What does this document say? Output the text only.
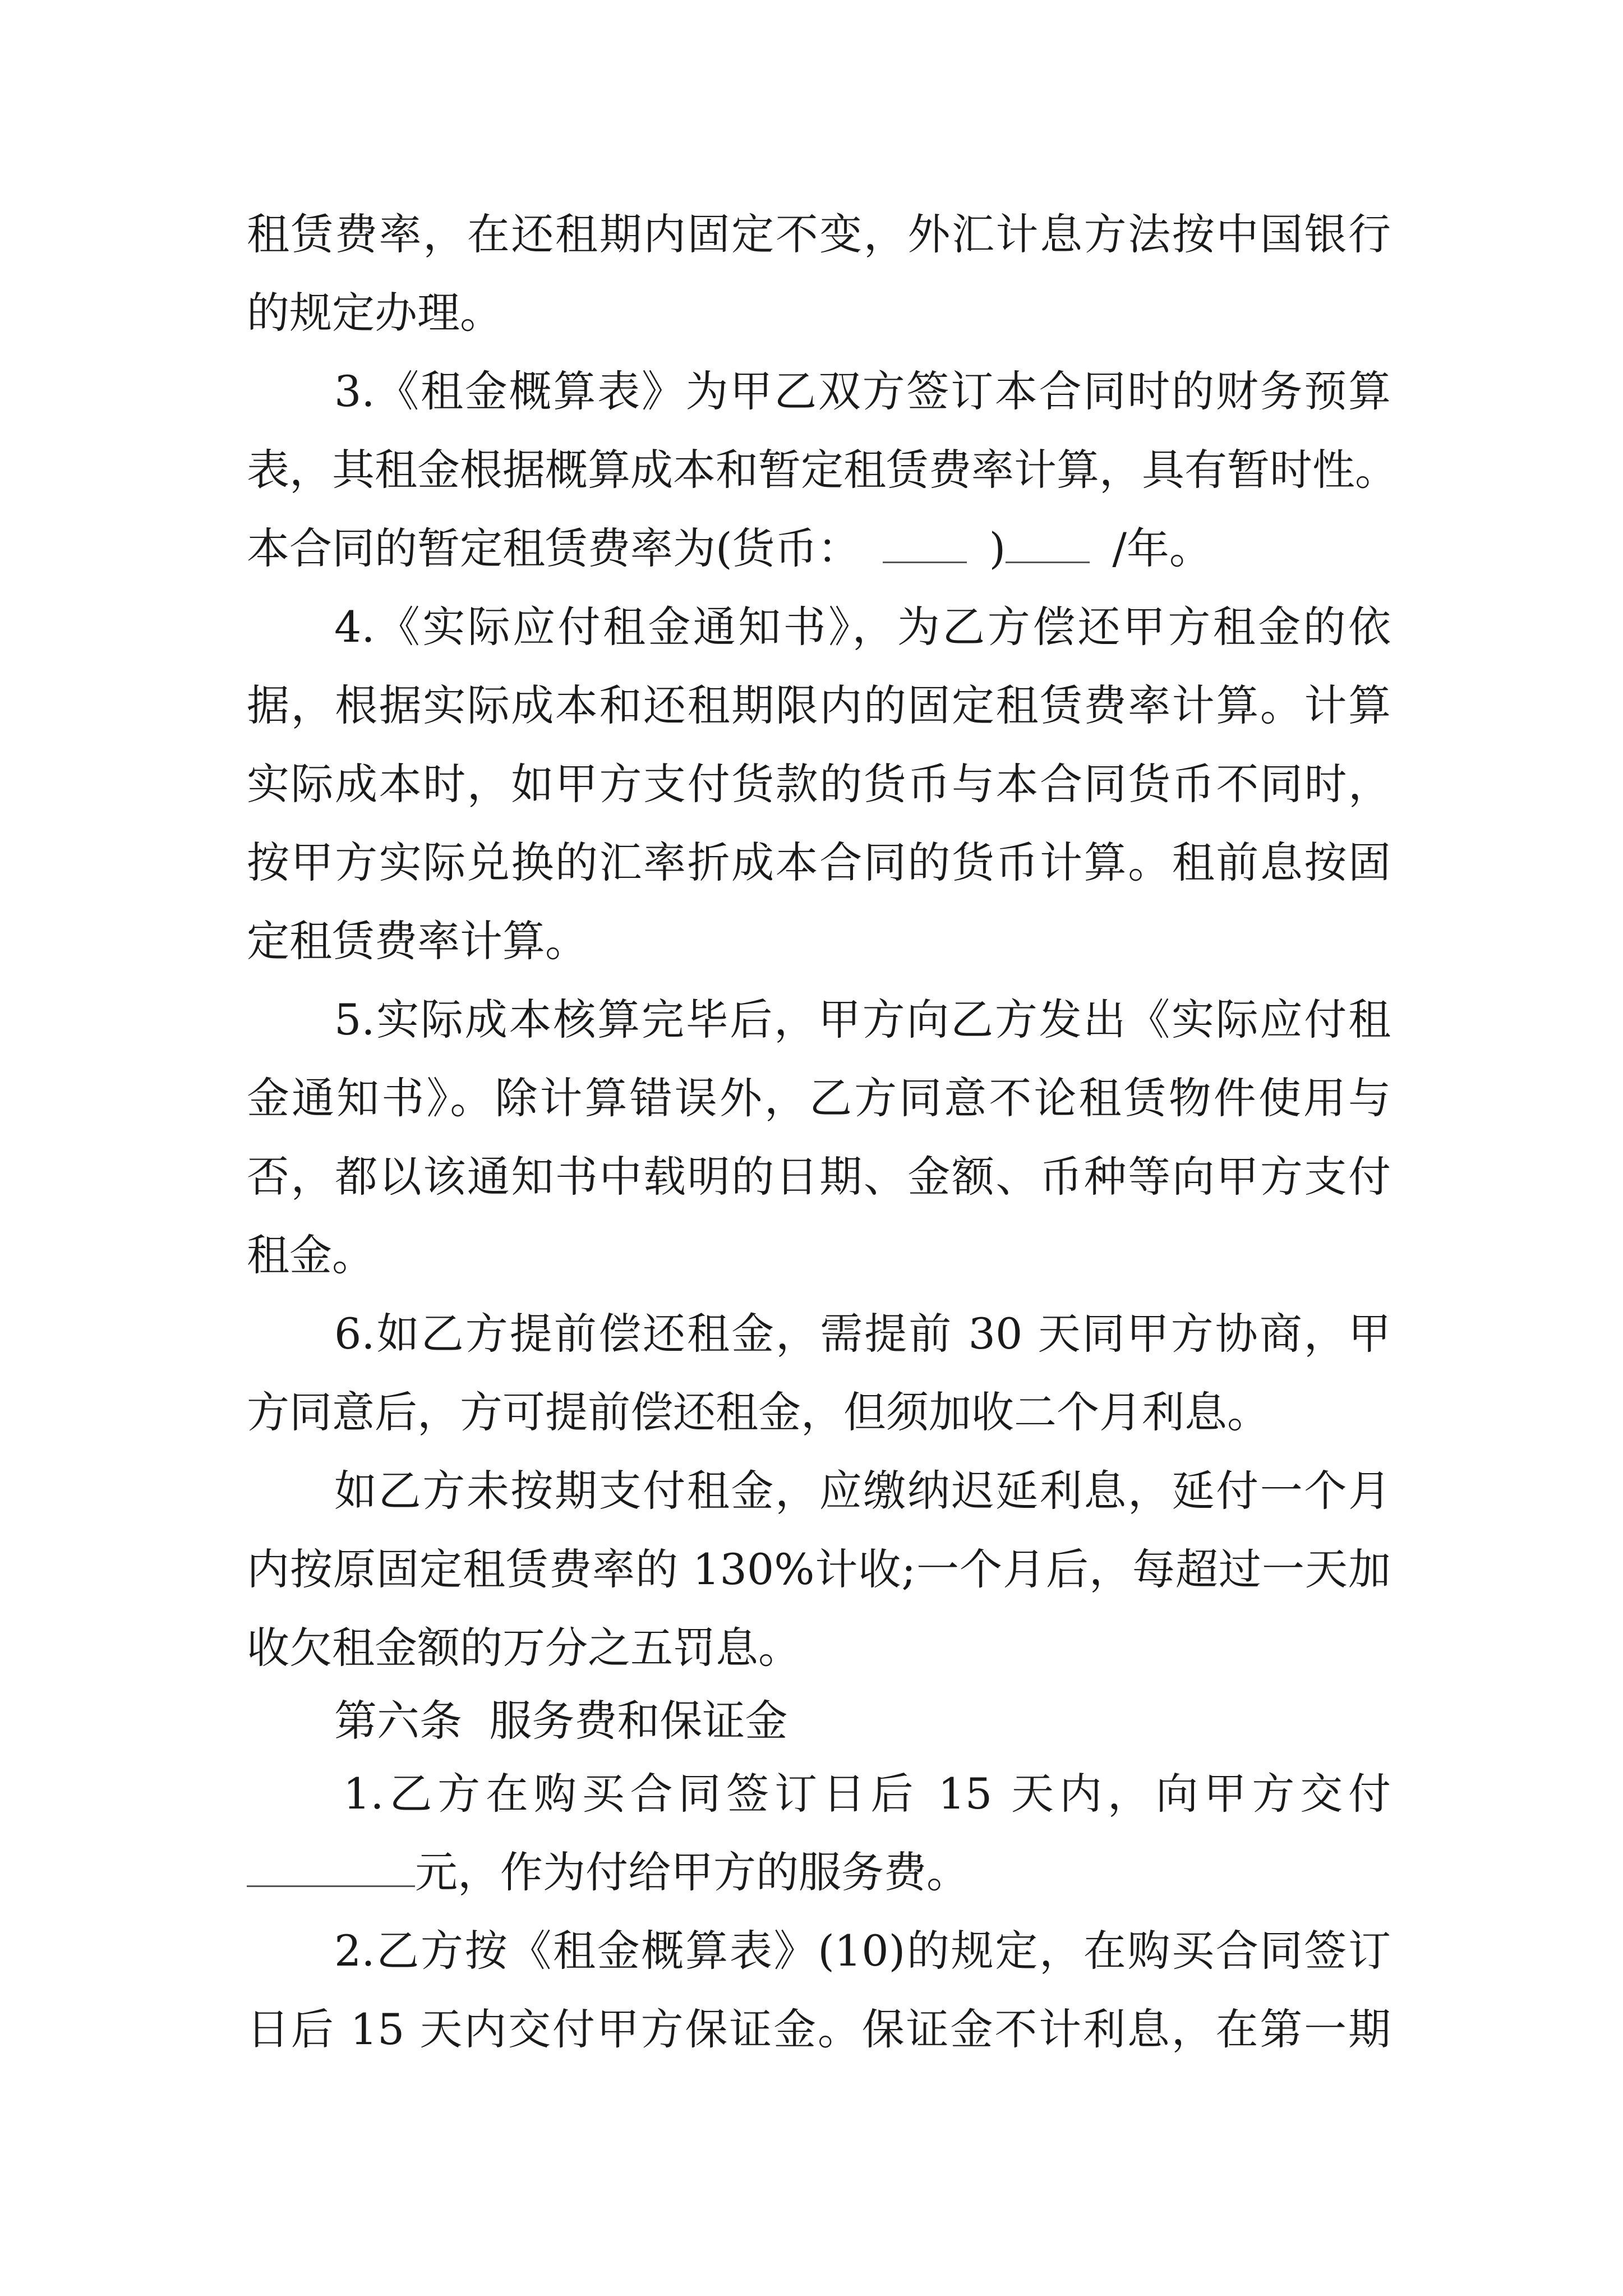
租赁费率，在还租期内固定不变，外汇计息方法按中国银行

的规定办理。

3.《租金概算表》为甲乙双方签订本合同时的财务预算

表，其租金根据概算成本和暂定租赁费率计算，具有暂时性。

本合同的暂定租赁费率为(货币：	)	/年。

4.《实际应付租金通知书》，为乙方偿还甲方租金的依

据，根据实际成本和还租期限内的固定租赁费率计算。计算

实际成本时，如甲方支付货款的货币与本合同货币不同时，

按甲方实际兑换的汇率折成本合同的货币计算。租前息按固

定租赁费率计算。

5.实际成本核算完毕后，甲方向乙方发出《实际应付租

金通知书》。除计算错误外，乙方同意不论租赁物件使用与

否，都以该通知书中载明的日期、金额、币种等向甲方支付

租金。

6.如乙方提前偿还租金，需提前 30 天同甲方协商，甲

方同意后，方可提前偿还租金，但须加收二个月利息。

如乙方未按期支付租金，应缴纳迟延利息，延付一个月

内按原固定租赁费率的 130%计收;一个月后，每超过一天加

收欠租金额的万分之五罚息。

第六条  服务费和保证金

1.乙方在购买合同签订日后 15 天内，向甲方交付

元，作为付给甲方的服务费。

2.乙方按《租金概算表》(10)的规定，在购买合同签订

日后 15 天内交付甲方保证金。保证金不计利息，在第一期
